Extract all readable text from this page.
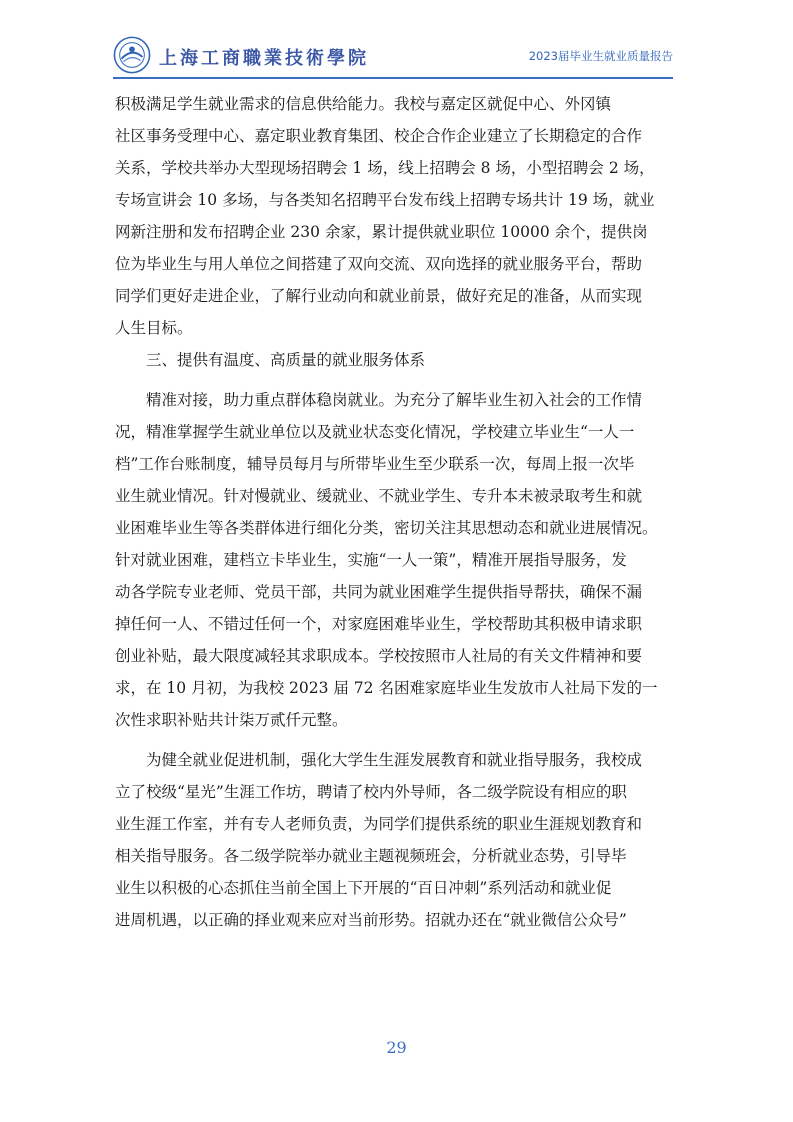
上海工商職業技術學院	2023届毕业生就业质量报告

积极满足学生就业需求的信息供给能力。我校与嘉定区就促中心、外冈镇
社区事务受理中心、嘉定职业教育集团、校企合作企业建立了长期稳定的合作
关系，学校共举办大型现场招聘会 1 场，线上招聘会 8 场，小型招聘会 2 场，
专场宣讲会 10 多场，与各类知名招聘平台发布线上招聘专场共计 19 场，就业
网新注册和发布招聘企业 230 余家，累计提供就业职位 10000 余个，提供岗
位为毕业生与用人单位之间搭建了双向交流、双向选择的就业服务平台，帮助
同学们更好走进企业，了解行业动向和就业前景，做好充足的准备，从而实现
人生目标。

三、提供有温度、高质量的就业服务体系

精准对接，助力重点群体稳岗就业。为充分了解毕业生初入社会的工作情
况，精准掌握学生就业单位以及就业状态变化情况，学校建立毕业生“一人一
档”工作台账制度，辅导员每月与所带毕业生至少联系一次，每周上报一次毕
业生就业情况。针对慢就业、缓就业、不就业学生、专升本未被录取考生和就
业困难毕业生等各类群体进行细化分类，密切关注其思想动态和就业进展情况。
针对就业困难，建档立卡毕业生，实施“一人一策”，精准开展指导服务，发
动各学院专业老师、党员干部，共同为就业困难学生提供指导帮扶，确保不漏
掉任何一人、不错过任何一个，对家庭困难毕业生，学校帮助其积极申请求职
创业补贴，最大限度减轻其求职成本。学校按照市人社局的有关文件精神和要
求，在 10 月初，为我校 2023 届 72 名困难家庭毕业生发放市人社局下发的一
次性求职补贴共计柒万贰仟元整。

为健全就业促进机制，强化大学生生涯发展教育和就业指导服务，我校成
立了校级“星光”生涯工作坊，聘请了校内外导师，各二级学院设有相应的职
业生涯工作室，并有专人老师负责，为同学们提供系统的职业生涯规划教育和
相关指导服务。各二级学院举办就业主题视频班会，分析就业态势，引导毕
业生以积极的心态抓住当前全国上下开展的“百日冲刺”系列活动和就业促
进周机遇，以正确的择业观来应对当前形势。招就办还在“就业微信公众号”

29
